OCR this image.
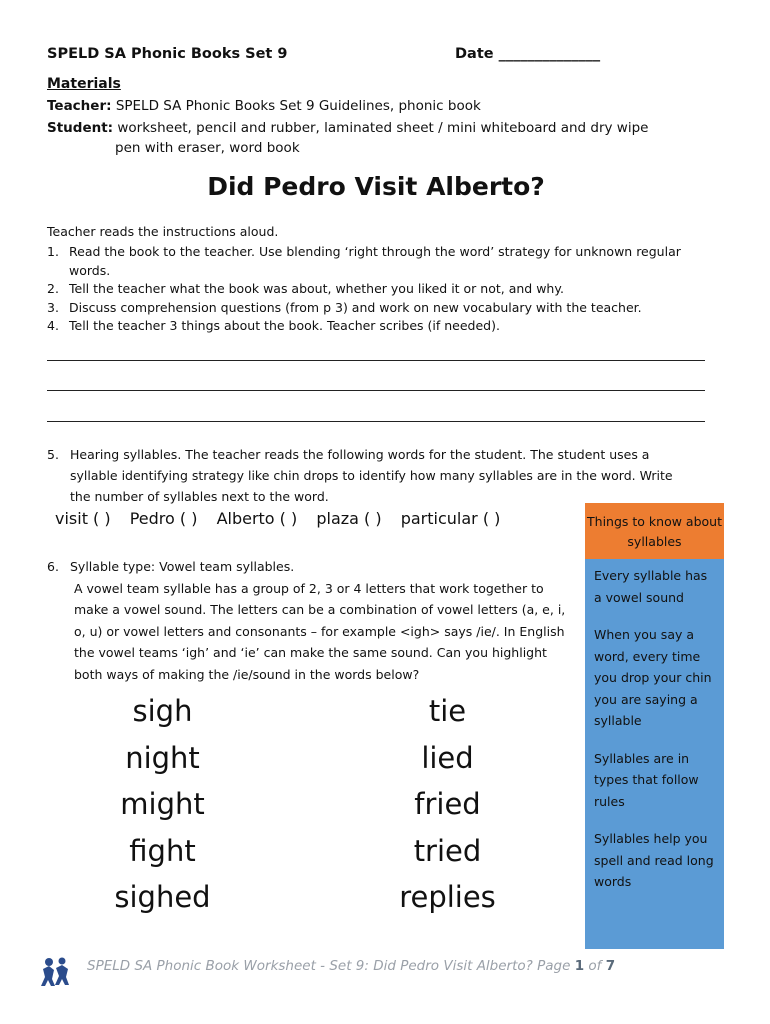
SPELD SA Phonic Books Set 9	Date ______________
Materials
Teacher: SPELD SA Phonic Books Set 9 Guidelines, phonic book
Student: worksheet, pencil and rubber, laminated sheet / mini whiteboard and dry wipe
pen with eraser, word book
Did Pedro Visit Alberto?
Teacher reads the instructions aloud.
1. Read the book to the teacher. Use blending ‘right through the word’ strategy for unknown regular words.
2. Tell the teacher what the book was about, whether you liked it or not, and why.
3. Discuss comprehension questions (from p 3) and work on new vocabulary with the teacher.
4. Tell the teacher 3 things about the book. Teacher scribes (if needed).
5. Hearing syllables. The teacher reads the following words for the student. The student uses a syllable identifying strategy like chin drops to identify how many syllables are in the word. Write the number of syllables next to the word.
visit ( ) Pedro ( ) Alberto ( ) plaza ( ) particular ( )
6. Syllable type: Vowel team syllables.
A vowel team syllable has a group of 2, 3 or 4 letters that work together to make a vowel sound. The letters can be a combination of vowel letters (a, e, i, o, u) or vowel letters and consonants – for example <igh> says /ie/. In English the vowel teams ‘igh’ and ‘ie’ can make the same sound. Can you highlight both ways of making the /ie/sound in the words below?
sigh
night
might
fight
sighed
tie
lied
fried
tried
replies
Things to know about syllables

Every syllable has a vowel sound

When you say a word, every time you drop your chin you are saying a syllable

Syllables are in types that follow rules

Syllables help you spell and read long words

SPELD SA Phonic Book Worksheet - Set 9: Did Pedro Visit Alberto? Page 1 of 7
